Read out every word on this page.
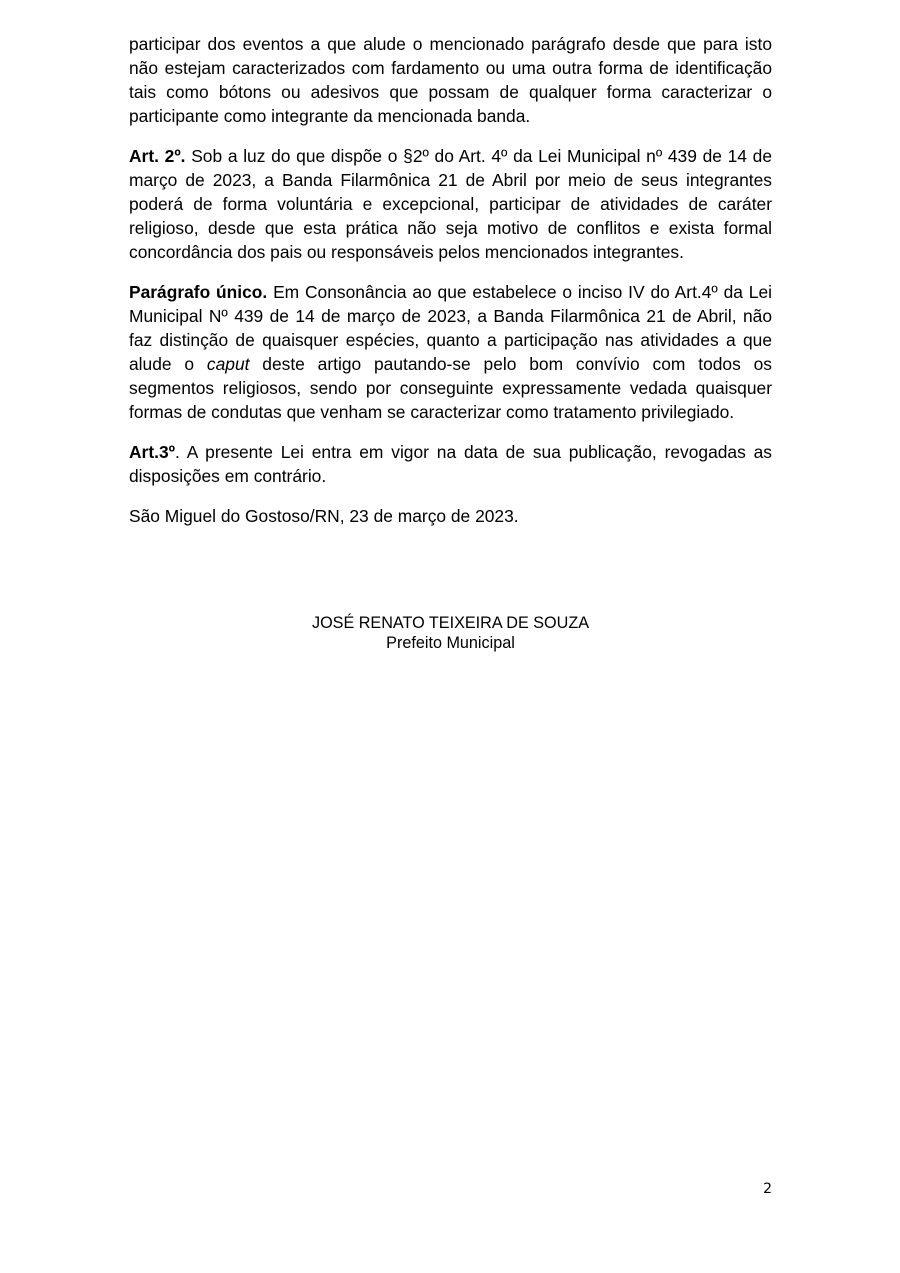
participar dos eventos a que alude o mencionado parágrafo desde que para isto não estejam caracterizados com fardamento ou uma outra forma de identificação tais como bótons ou adesivos que possam de qualquer forma caracterizar o participante como integrante da mencionada banda.

Art. 2º. Sob a luz do que dispõe o §2º do Art. 4º da Lei Municipal nº 439 de 14 de março de 2023, a Banda Filarmônica 21 de Abril por meio de seus integrantes poderá de forma voluntária e excepcional, participar de atividades de caráter religioso, desde que esta prática não seja motivo de conflitos e exista formal concordância dos pais ou responsáveis pelos mencionados integrantes.

Parágrafo único. Em Consonância ao que estabelece o inciso IV do Art.4º da Lei Municipal Nº 439 de 14 de março de 2023, a Banda Filarmônica 21 de Abril, não faz distinção de quaisquer espécies, quanto a participação nas atividades a que alude o caput deste artigo pautando-se pelo bom convívio com todos os segmentos religiosos, sendo por conseguinte expressamente vedada quaisquer formas de condutas que venham se caracterizar como tratamento privilegiado.

Art.3º. A presente Lei entra em vigor na data de sua publicação, revogadas as disposições em contrário.

São Miguel do Gostoso/RN, 23 de março de 2023.

JOSÉ RENATO TEIXEIRA DE SOUZA
Prefeito Municipal
2
